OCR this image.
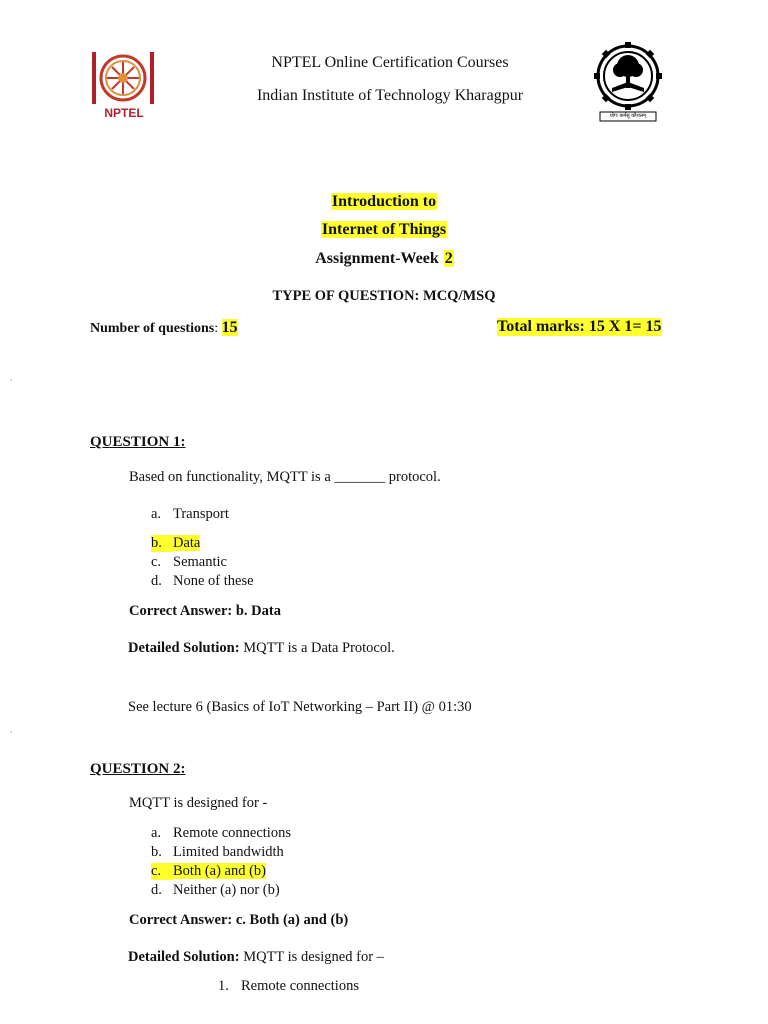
NPTEL
NPTEL Online Certification Courses
Indian Institute of Technology Kharagpur
योगः कर्मसु कौशलम्
Introduction to
Internet of Things
Assignment-Week 2
TYPE OF QUESTION: MCQ/MSQ
Number of questions: 15	Total marks: 15 X 1= 15
,
QUESTION 1:
Based on functionality, MQTT is a _______ protocol.
a. Transport
b. Data
c. Semantic
d. None of these
Correct Answer: b. Data
Detailed Solution: MQTT is a Data Protocol.
See lecture 6 (Basics of IoT Networking – Part II) @ 01:30
,
QUESTION 2:
MQTT is designed for -
a. Remote connections
b. Limited bandwidth
c. Both (a) and (b)
d. Neither (a) nor (b)
Correct Answer: c. Both (a) and (b)
Detailed Solution: MQTT is designed for –
1. Remote connections
